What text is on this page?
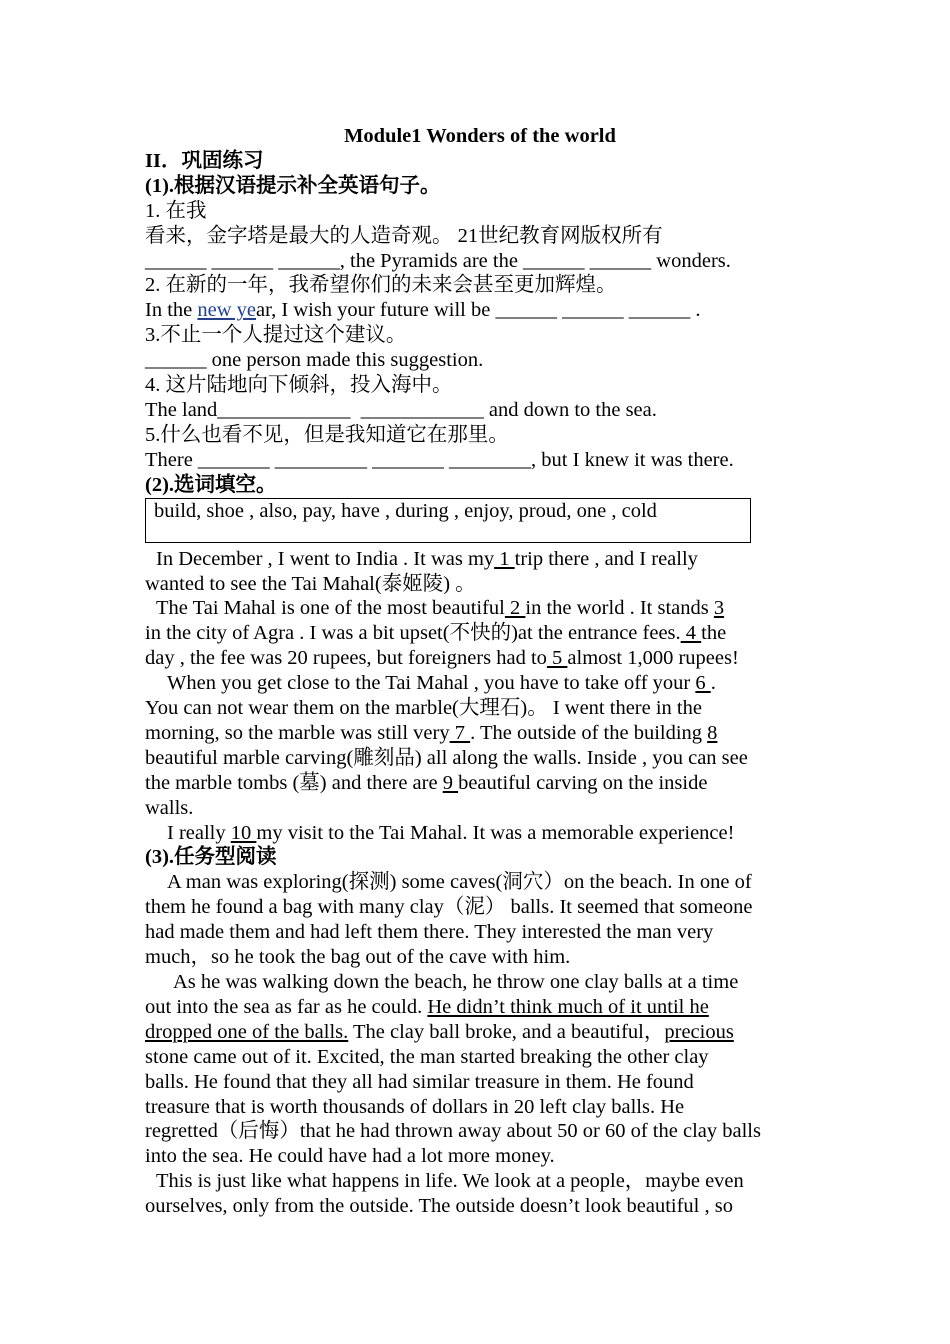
Module1 Wonders of the world
II．巩固练习
(1).根据汉语提示补全英语句子。
1. 在我
看来，金字塔是最大的人造奇观。 21世纪教育网版权所有
______ ______ ______, the Pyramids are the ______ ______ wonders.
2. 在新的一年，我希望你们的未来会甚至更加辉煌。
In the new year, I wish your future will be ______ ______ ______ .
3.不止一个人提过这个建议。
______ one person made this suggestion.
4. 这片陆地向下倾斜，投入海中。
The land_____________ ____________ and down to the sea.
5.什么也看不见，但是我知道它在那里。
There _______ _________ _______ ________, but I knew it was there.
(2).选词填空。
build, shoe , also, pay, have , during , enjoy, proud, one , cold
In December , I went to India . It was my 1 trip there , and I really
wanted to see the Tai Mahal(泰姬陵) 。
The Tai Mahal is one of the most beautiful 2 in the world . It stands 3
in the city of Agra . I was a bit upset(不快的)at the entrance fees. 4 the
day , the fee was 20 rupees, but foreigners had to 5 almost 1,000 rupees!
When you get close to the Tai Mahal , you have to take off your 6 .
You can not wear them on the marble(大理石)。 I went there in the
morning, so the marble was still very 7 . The outside of the building 8
beautiful marble carving(雕刻品) all along the walls. Inside , you can see
the marble tombs (墓) and there are 9 beautiful carving on the inside
walls.
I really 10 my visit to the Tai Mahal. It was a memorable experience!
(3).任务型阅读
A man was exploring(探测) some caves(洞穴）on the beach. In one of
them he found a bag with many clay（泥） balls. It seemed that someone
had made them and had left them there. They interested the man very
much，so he took the bag out of the cave with him.
As he was walking down the beach, he throw one clay balls at a time
out into the sea as far as he could. He didn’t think much of it until he
dropped one of the balls. The clay ball broke, and a beautiful，precious
stone came out of it. Excited, the man started breaking the other clay
balls. He found that they all had similar treasure in them. He found
treasure that is worth thousands of dollars in 20 left clay balls. He
regretted（后悔）that he had thrown away about 50 or 60 of the clay balls
into the sea. He could have had a lot more money.
This is just like what happens in life. We look at a people，maybe even
ourselves, only from the outside. The outside doesn’t look beautiful , so
